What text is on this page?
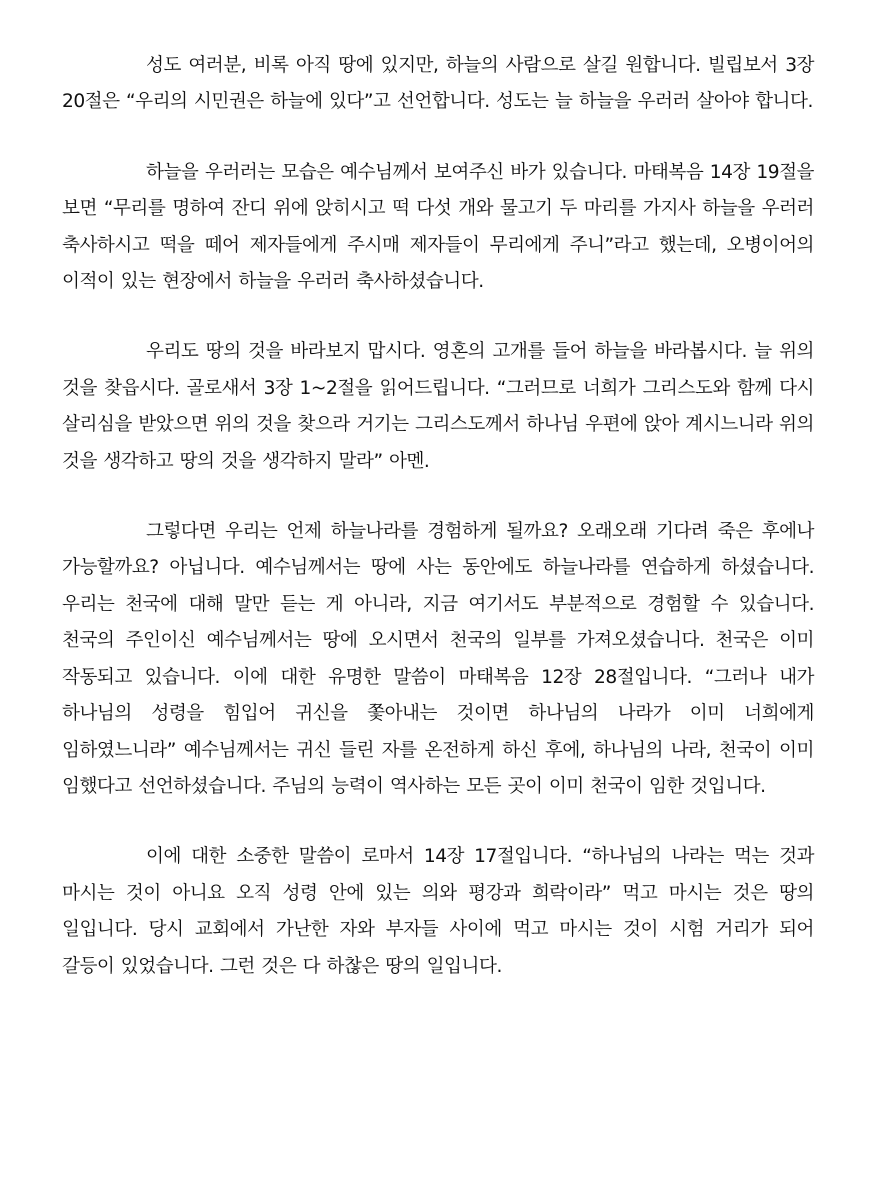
성도 여러분, 비록 아직 땅에 있지만, 하늘의 사람으로 살길 원합니다. 빌립보서 3장 20절은 “우리의 시민권은 하늘에 있다”고 선언합니다. 성도는 늘 하늘을 우러러 살아야 합니다.

하늘을 우러러는 모습은 예수님께서 보여주신 바가 있습니다. 마태복음 14장 19절을 보면 “무리를 명하여 잔디 위에 앉히시고 떡 다섯 개와 물고기 두 마리를 가지사 하늘을 우러러 축사하시고 떡을 떼어 제자들에게 주시매 제자들이 무리에게 주니”라고 했는데, 오병이어의 이적이 있는 현장에서 하늘을 우러러 축사하셨습니다.

우리도 땅의 것을 바라보지 맙시다. 영혼의 고개를 들어 하늘을 바라봅시다. 늘 위의 것을 찾읍시다. 골로새서 3장 1~2절을 읽어드립니다. “그러므로 너희가 그리스도와 함께 다시 살리심을 받았으면 위의 것을 찾으라 거기는 그리스도께서 하나님 우편에 앉아 계시느니라 위의 것을 생각하고 땅의 것을 생각하지 말라” 아멘.

그렇다면 우리는 언제 하늘나라를 경험하게 될까요? 오래오래 기다려 죽은 후에나 가능할까요? 아닙니다. 예수님께서는 땅에 사는 동안에도 하늘나라를 연습하게 하셨습니다. 우리는 천국에 대해 말만 듣는 게 아니라, 지금 여기서도 부분적으로 경험할 수 있습니다. 천국의 주인이신 예수님께서는 땅에 오시면서 천국의 일부를 가져오셨습니다. 천국은 이미 작동되고 있습니다. 이에 대한 유명한 말씀이 마태복음 12장 28절입니다. “그러나 내가 하나님의 성령을 힘입어 귀신을 쫓아내는 것이면 하나님의 나라가 이미 너희에게 임하였느니라” 예수님께서는 귀신 들린 자를 온전하게 하신 후에, 하나님의 나라, 천국이 이미 임했다고 선언하셨습니다. 주님의 능력이 역사하는 모든 곳이 이미 천국이 임한 것입니다.

이에 대한 소중한 말씀이 로마서 14장 17절입니다. “하나님의 나라는 먹는 것과 마시는 것이 아니요 오직 성령 안에 있는 의와 평강과 희락이라” 먹고 마시는 것은 땅의 일입니다. 당시 교회에서 가난한 자와 부자들 사이에 먹고 마시는 것이 시험 거리가 되어 갈등이 있었습니다. 그런 것은 다 하찮은 땅의 일입니다.
